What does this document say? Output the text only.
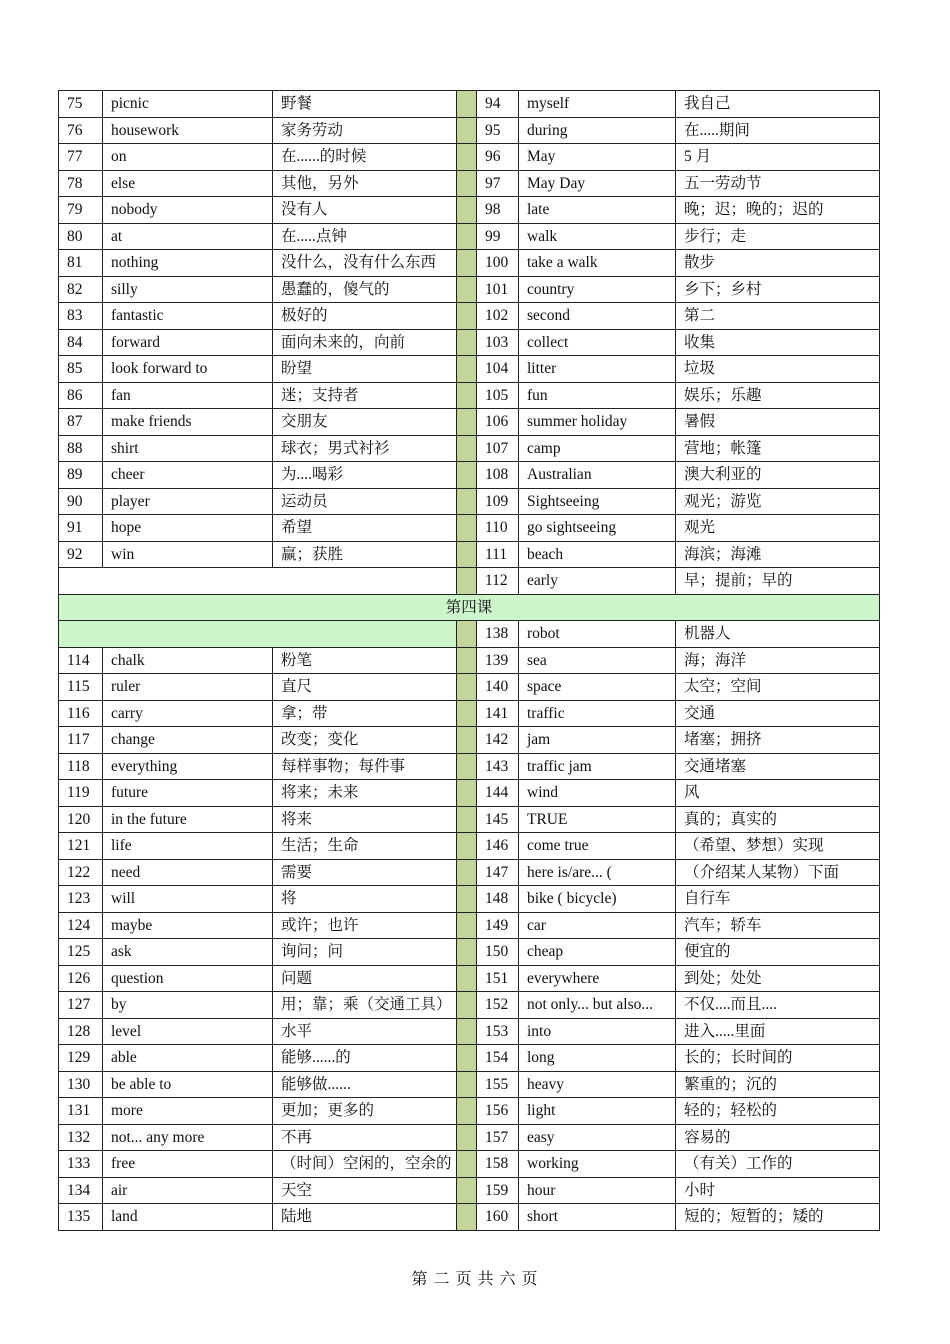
75	picnic	野餐		94	myself	我自己
76	housework	家务劳动		95	during	在.....期间
77	on	在......的时候		96	May	5 月
78	else	其他，另外		97	May Day	五一劳动节
79	nobody	没有人		98	late	晚；迟；晚的；迟的
80	at	在.....点钟		99	walk	步行；走
81	nothing	没什么，没有什么东西		100	take a walk	散步
82	silly	愚蠢的，傻气的		101	country	乡下；乡村
83	fantastic	极好的		102	second	第二
84	forward	面向未来的，向前		103	collect	收集
85	look forward to	盼望		104	litter	垃圾
86	fan	迷；支持者		105	fun	娱乐；乐趣
87	make friends	交朋友		106	summer holiday	暑假
88	shirt	球衣；男式衬衫		107	camp	营地；帐篷
89	cheer	为....喝彩		108	Australian	澳大利亚的
90	player	运动员		109	Sightseeing	观光；游览
91	hope	希望		110	go sightseeing	观光
92	win	赢；获胜		111	beach	海滨；海滩
				112	early	早；提前；早的
第四课						
				138	robot	机器人
114	chalk	粉笔		139	sea	海；海洋
115	ruler	直尺		140	space	太空；空间
116	carry	拿；带		141	traffic	交通
117	change	改变；变化		142	jam	堵塞；拥挤
118	everything	每样事物；每件事		143	traffic jam	交通堵塞
119	future	将来；未来		144	wind	风
120	in the future	将来		145	TRUE	真的；真实的
121	life	生活；生命		146	come true	（希望、梦想）实现
122	need	需要		147	here is/are... (	（介绍某人某物）下面
123	will	将		148	bike ( bicycle)	自行车
124	maybe	或许；也许		149	car	汽车；轿车
125	ask	询问；问		150	cheap	便宜的
126	question	问题		151	everywhere	到处；处处
127	by	用；靠；乘（交通工具）		152	not only... but also...	不仅....而且....
128	level	水平		153	into	进入.....里面
129	able	能够......的		154	long	长的；长时间的
130	be able to	能够做......		155	heavy	繁重的；沉的
131	more	更加；更多的		156	light	轻的；轻松的
132	not... any more	不再		157	easy	容易的
133	free	（时间）空闲的，空余的		158	working	（有关）工作的
134	air	天空		159	hour	小时
135	land	陆地		160	short	短的；短暂的；矮的
第 二 页 共 六 页
